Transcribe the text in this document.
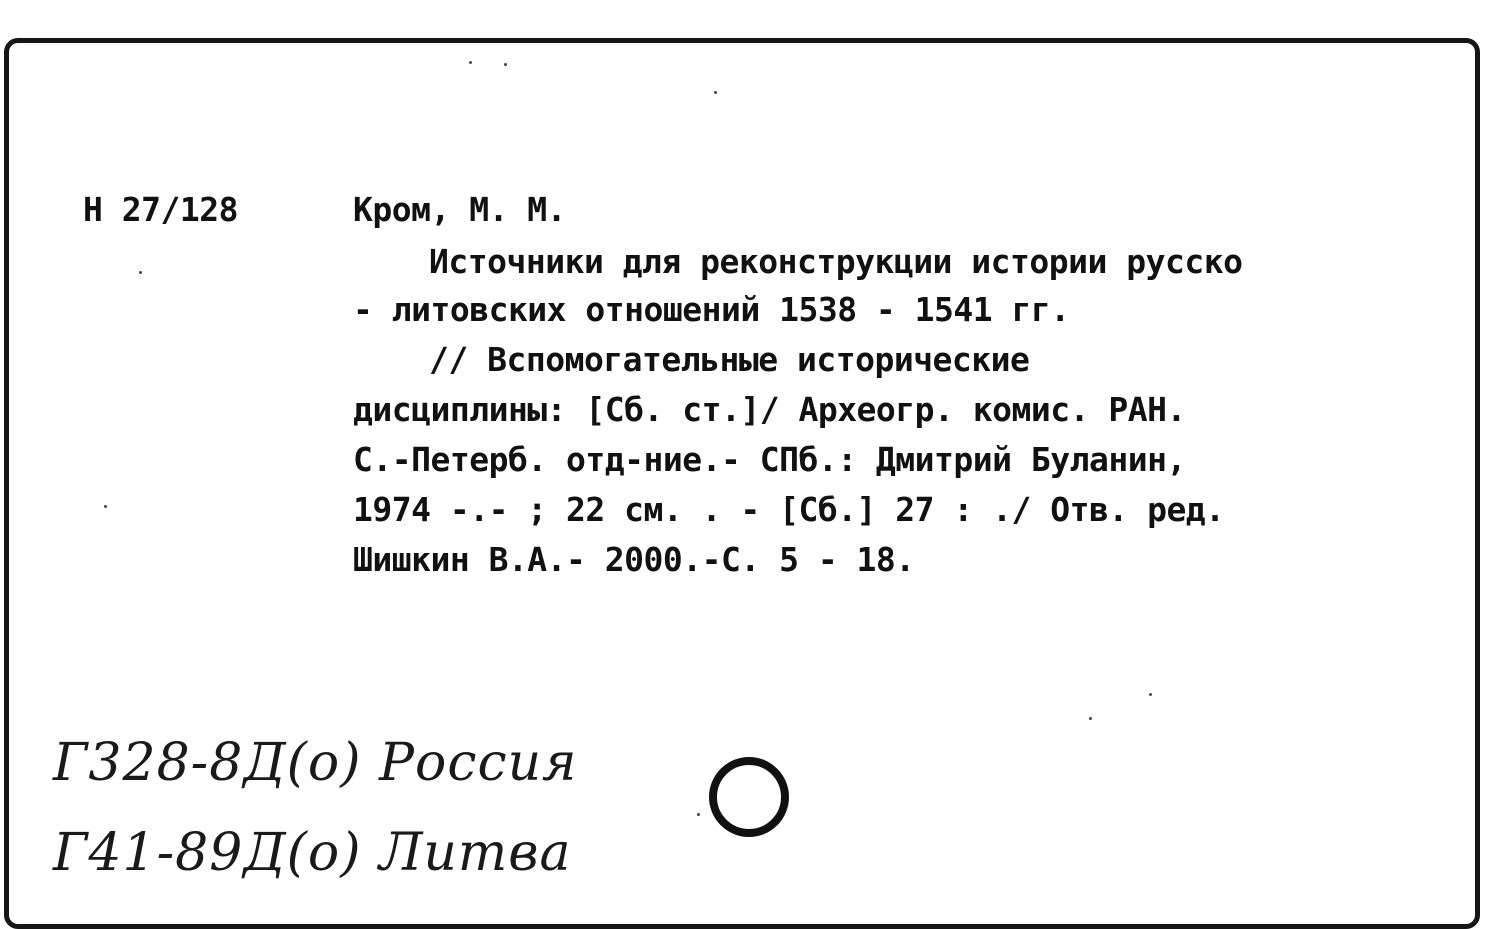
Н 27/128	Кром, М. М.
Источники для реконструкции истории русско
- литовских отношений 1538 - 1541 гг.
// Вспомогательные исторические
дисциплины: [Сб. ст.]/ Археогр. комис. РАН.
С.-Петерб. отд-ние.- СПб.: Дмитрий Буланин,
1974 -.- ; 22 см. . - [Сб.] 27 : ./ Отв. ред.
Шишкин В.А.- 2000.-С. 5 - 18.
Г328-8Д(о) Россия
Г41-89Д(о) Литва
